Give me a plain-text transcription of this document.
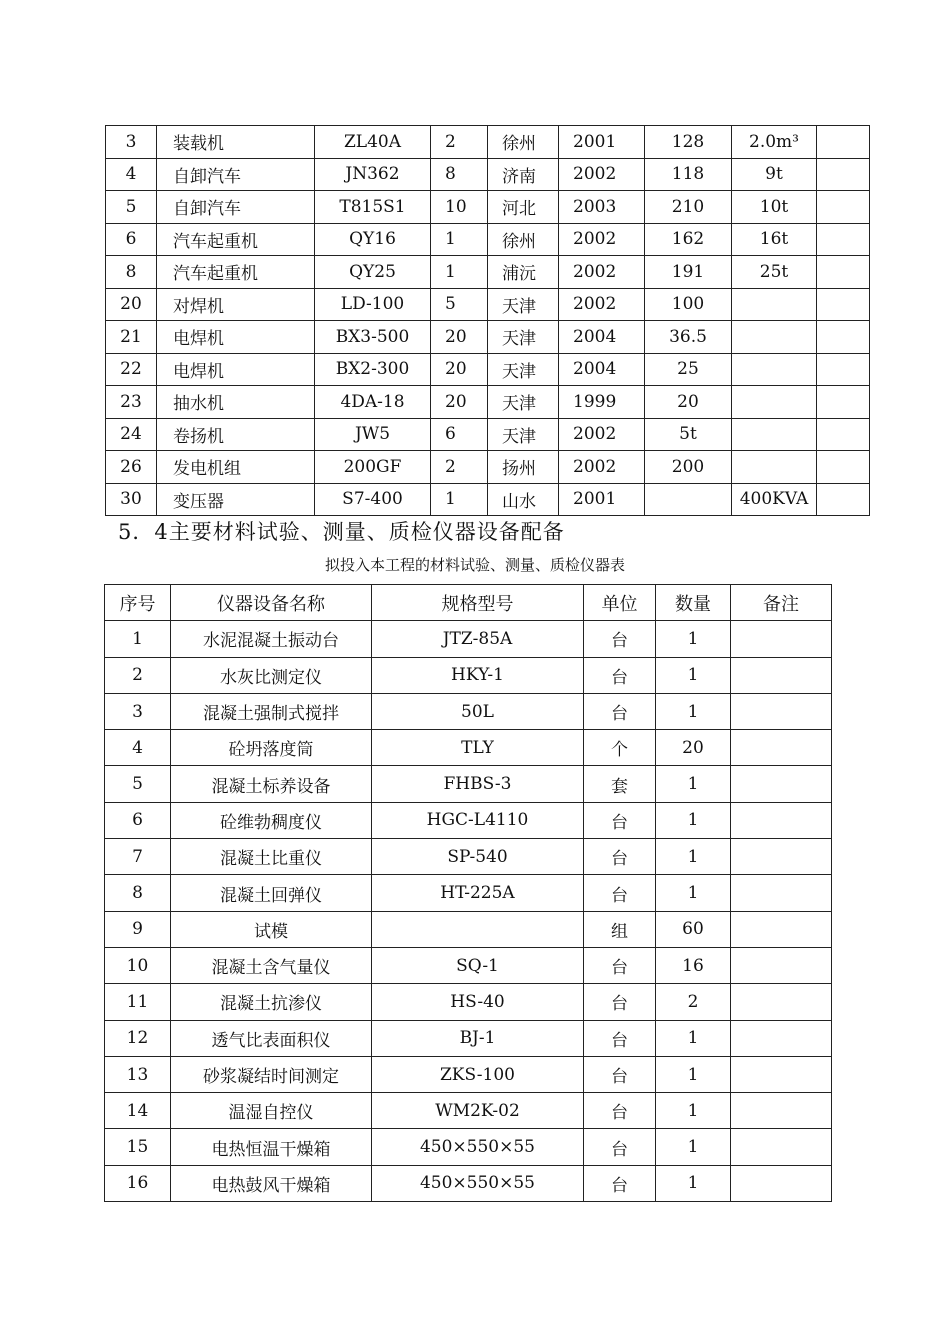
3	装载机	ZL40A	2	徐州	2001	128	2.0m³	
4	自卸汽车	JN362	8	济南	2002	118	9t	
5	自卸汽车	T815S1	10	河北	2003	210	10t	
6	汽车起重机	QY16	1	徐州	2002	162	16t	
8	汽车起重机	QY25	1	浦沅	2002	191	25t	
20	对焊机	LD-100	5	天津	2002	100		
21	电焊机	BX3-500	20	天津	2004	36.5		
22	电焊机	BX2-300	20	天津	2004	25		
23	抽水机	4DA-18	20	天津	1999	20		
24	卷扬机	JW5	6	天津	2002	5t		
26	发电机组	200GF	2	扬州	2002	200		
30	变压器	S7-400	1	山水	2001		400KVA	
5．4主要材料试验、测量、质检仪器设备配备
拟投入本工程的材料试验、测量、质检仪器表
序号	仪器设备名称	规格型号	单位	数量	备注
1	水泥混凝土振动台	JTZ-85A	台	1	
2	水灰比测定仪	HKY-1	台	1	
3	混凝土强制式搅拌	50L	台	1	
4	砼坍落度筒	TLY	个	20	
5	混凝土标养设备	FHBS-3	套	1	
6	砼维勃稠度仪	HGC-L4110	台	1	
7	混凝土比重仪	SP-540	台	1	
8	混凝土回弹仪	HT-225A	台	1	
9	试模		组	60	
10	混凝土含气量仪	SQ-1	台	16	
11	混凝土抗渗仪	HS-40	台	2	
12	透气比表面积仪	BJ-1	台	1	
13	砂浆凝结时间测定	ZKS-100	台	1	
14	温湿自控仪	WM2K-02	台	1	
15	电热恒温干燥箱	450×550×55	台	1	
16	电热鼓风干燥箱	450×550×55	台	1	
